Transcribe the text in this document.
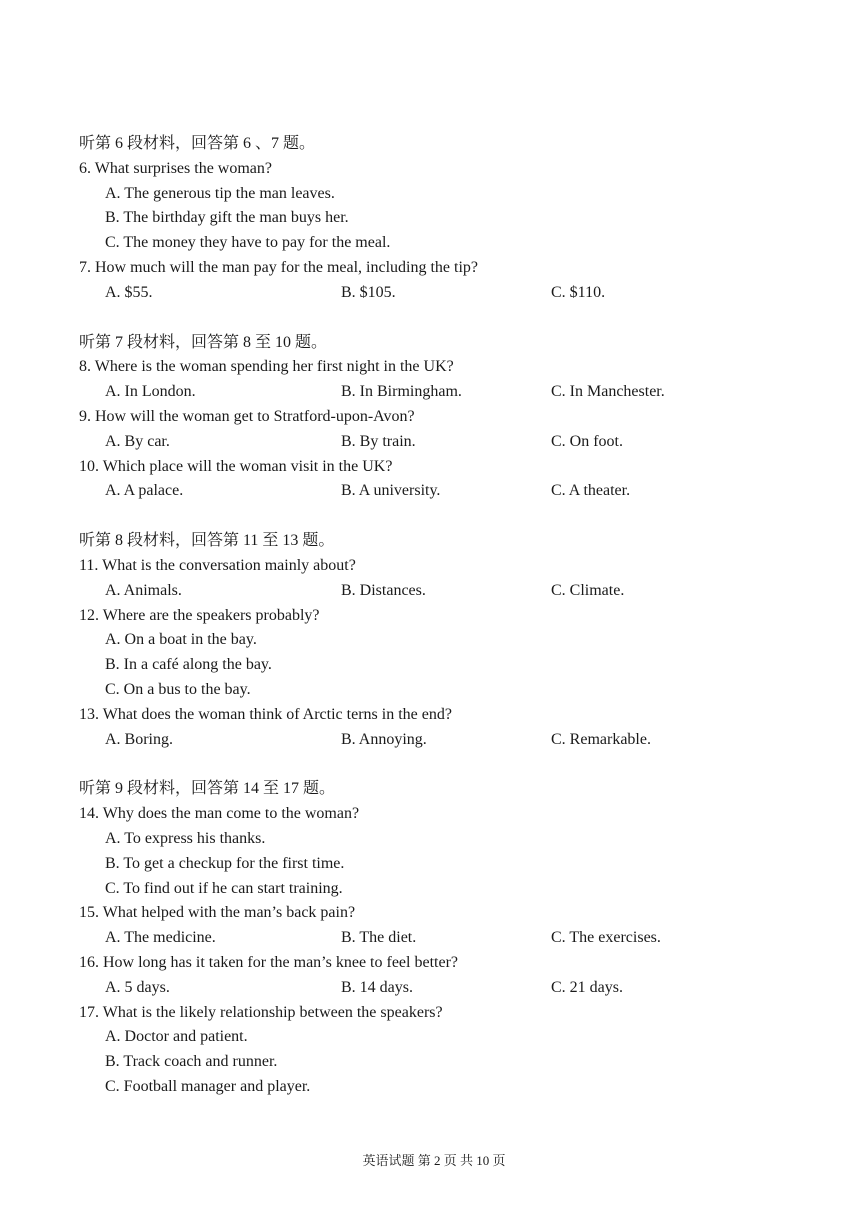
听第 6 段材料，回答第 6 、7 题。
6. What surprises the woman?
A. The generous tip the man leaves.
B. The birthday gift the man buys her.
C. The money they have to pay for the meal.
7. How much will the man pay for the meal, including the tip?
A. $55.	B. $105.	C. $110.
听第 7 段材料，回答第 8 至 10 题。
8. Where is the woman spending her first night in the UK?
A. In London.	B. In Birmingham.	C. In Manchester.
9. How will the woman get to Stratford-upon-Avon?
A. By car.	B. By train.	C. On foot.
10. Which place will the woman visit in the UK?
A. A palace.	B. A university.	C. A theater.
听第 8 段材料，回答第 11 至 13 题。
11. What is the conversation mainly about?
A. Animals.	B. Distances.	C. Climate.
12. Where are the speakers probably?
A. On a boat in the bay.
B. In a café along the bay.
C. On a bus to the bay.
13. What does the woman think of Arctic terns in the end?
A. Boring.	B. Annoying.	C. Remarkable.
听第 9 段材料，回答第 14 至 17 题。
14. Why does the man come to the woman?
A. To express his thanks.
B. To get a checkup for the first time.
C. To find out if he can start training.
15. What helped with the man’s back pain?
A. The medicine.	B. The diet.	C. The exercises.
16. How long has it taken for the man’s knee to feel better?
A. 5 days.	B. 14 days.	C. 21 days.
17. What is the likely relationship between the speakers?
A. Doctor and patient.
B. Track coach and runner.
C. Football manager and player.
英语试题 第 2 页 共 10 页
